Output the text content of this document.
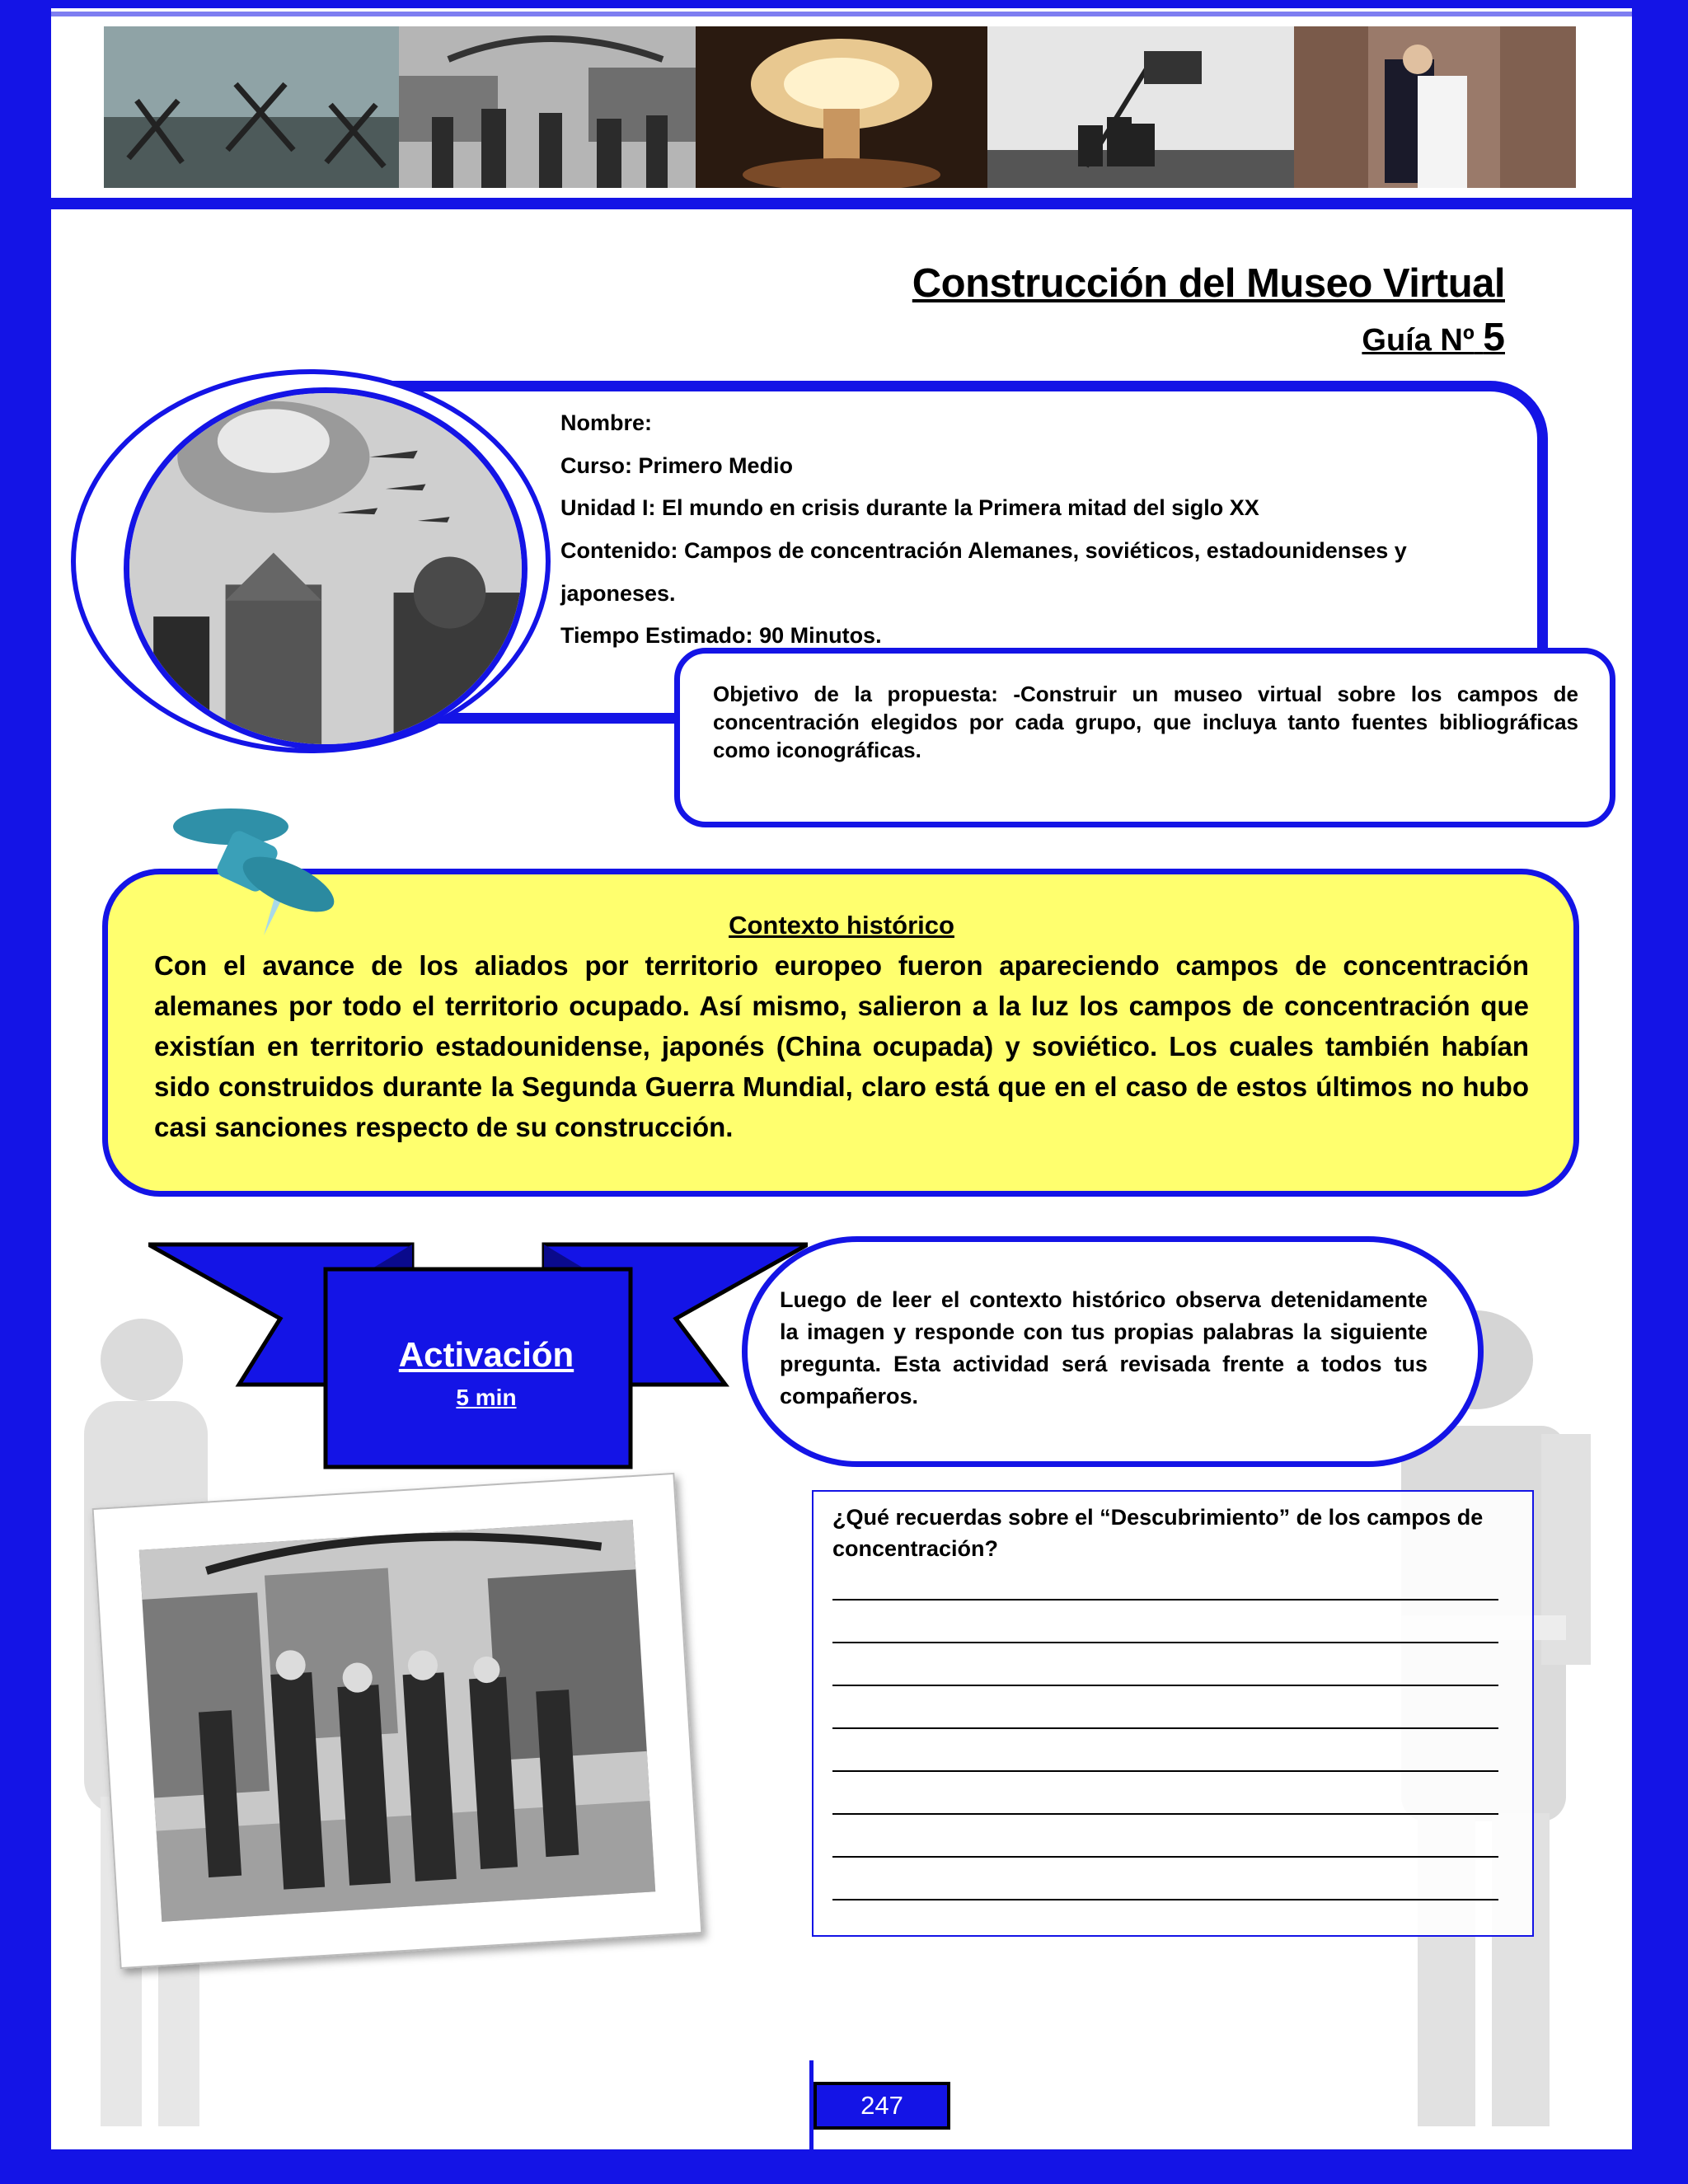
Construcción del Museo Virtual
Guía Nº 5
Nombre:
Curso: Primero Medio
Unidad I: El mundo en crisis durante la Primera mitad del siglo XX
Contenido: Campos de concentración Alemanes, soviéticos, estadounidenses y
japoneses.
Tiempo Estimado: 90 Minutos.
Objetivo de la propuesta: -Construir un museo virtual sobre los campos de concentración elegidos por cada grupo, que incluya tanto fuentes bibliográficas como iconográficas.
Contexto histórico
Con el avance de los aliados por territorio europeo fueron apareciendo campos de concentración alemanes por todo el territorio ocupado. Así mismo, salieron a la luz los campos de concentración que existían en territorio estadounidense, japonés (China ocupada) y soviético. Los cuales también habían sido construidos durante la Segunda Guerra Mundial, claro está que en el caso de estos últimos no hubo casi sanciones respecto de su construcción.
Activación
5 min
Luego de leer el contexto histórico observa detenidamente la imagen y responde con tus propias palabras la siguiente pregunta. Esta actividad será revisada frente a todos tus compañeros.
¿Qué recuerdas sobre el “Descubrimiento” de los campos de concentración?
247
